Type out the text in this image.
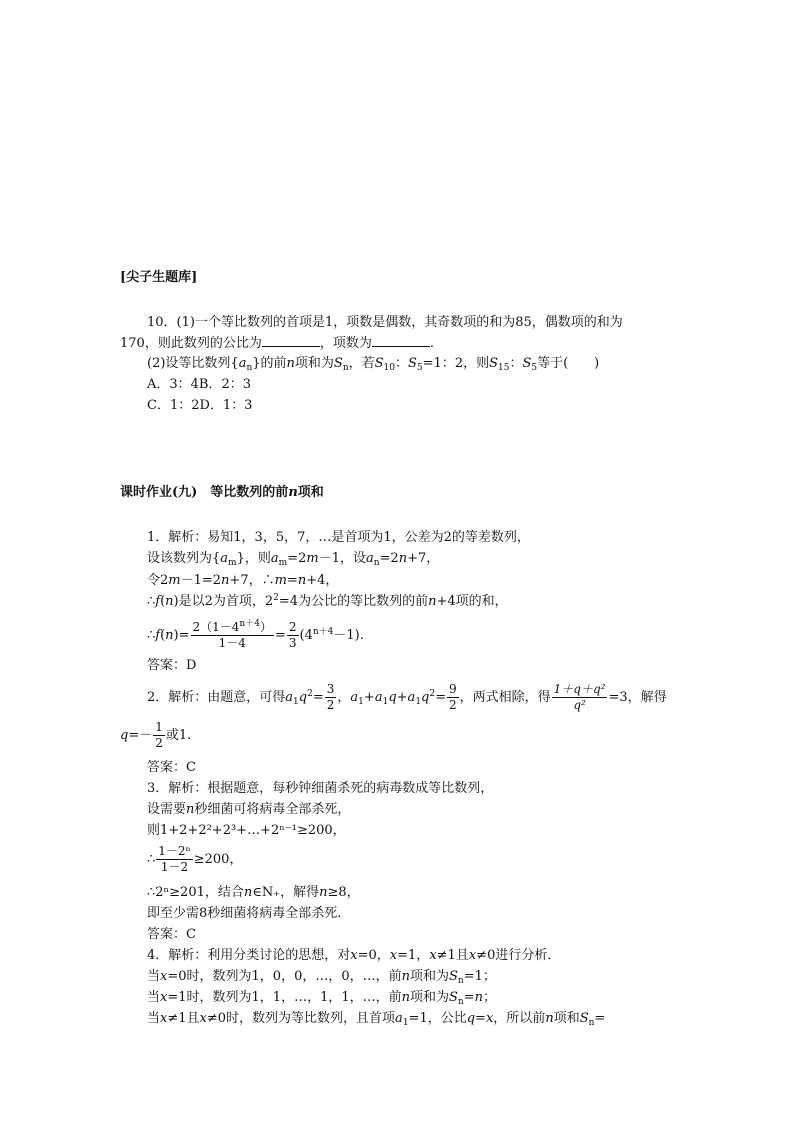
[尖子生题库]
10．(1)一个等比数列的首项是1，项数是偶数，其奇数项的和为85，偶数项的和为
170，则此数列的公比为	，项数为	.
(2)设等比数列$\{a_n\}$的前n项和为$S_n$，若$S_{10}$：$S_5=1$：2，则$S_{15}$：$S_5$等于(　　)
A．3：4B．2：3
C．1：2D．1：3
课时作业(九)　等比数列的前n项和
1．解析：易知1，3，5，7，…是首项为1，公差为2的等差数列，
设该数列为$\{a_m\}$，则$a_m=2m-1$，设$a_n=2n+7$，
令2m－1=2n+7，∴m=n+4，
∴f(n)是以2为首项，$2^2=4$为公比的等比数列的前n+4项的和，
∴f(n)= $\frac{2(1-4^{n+4})}{1-4} = \frac{2}{3} (4^{n+4}-1)$.
答案：D
2．解析：由题意，可得$a_1q^2= \frac{3}{2}$ ，$a_1+a_1q+a_1q^2= \frac{9}{2}$ ，两式相除，得 $\frac{\text{1＋q＋q²}}{\text{q²}} =3$，解得
$q=- \frac{1}{2}$ 或1.
答案：C
3．解析：根据题意，每秒钟细菌杀死的病毒数成等比数列，
设需要n秒细菌可将病毒全部杀死，
则1+2+2²+2³+…+2ⁿ⁻¹≥200，
∴ $\frac{\text{1－2ⁿ}}{1-2} \ge 200$，
∴2ⁿ≥201，结合n∈N₊，解得n≥8，
即至少需8秒细菌将病毒全部杀死．
答案：C
4．解析：利用分类讨论的思想，对x=0，x=1，x≠1且x≠0进行分析．
当x=0时，数列为1，0，0，…，0，…，前n项和为$S_n=1$；
当x=1时，数列为1，1，…，1，1，…，前n项和为$S_n=n$；
当x≠1且x≠0时，数列为等比数列，且首项$a_1=1$，公比q=x，所以前n项和$S_n=$
